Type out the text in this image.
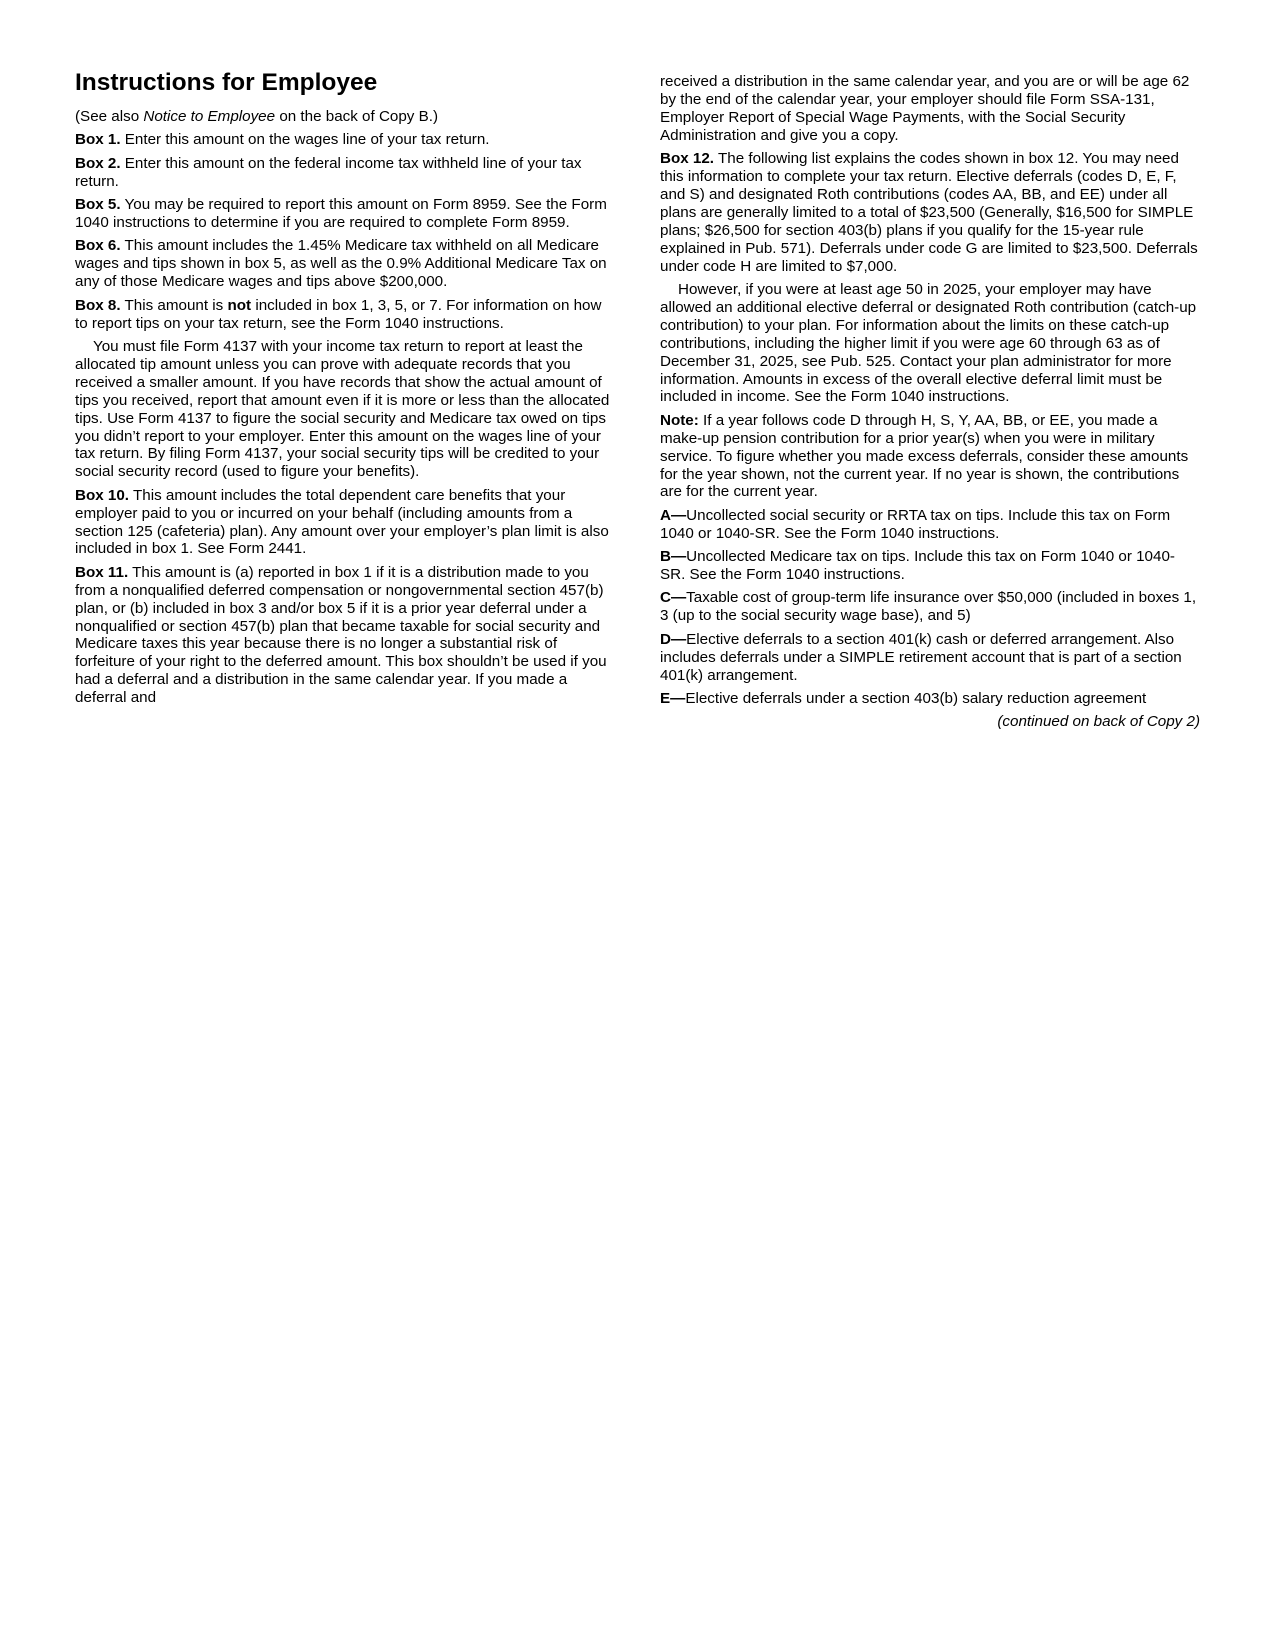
Instructions for Employee

(See also Notice to Employee on the back of Copy B.)

Box 1. Enter this amount on the wages line of your tax return.

Box 2. Enter this amount on the federal income tax withheld line of your tax return.

Box 5. You may be required to report this amount on Form 8959. See the Form 1040 instructions to determine if you are required to complete Form 8959.

Box 6. This amount includes the 1.45% Medicare tax withheld on all Medicare wages and tips shown in box 5, as well as the 0.9% Additional Medicare Tax on any of those Medicare wages and tips above $200,000.

Box 8. This amount is not included in box 1, 3, 5, or 7. For information on how to report tips on your tax return, see the Form 1040 instructions.

You must file Form 4137 with your income tax return to report at least the allocated tip amount unless you can prove with adequate records that you received a smaller amount. If you have records that show the actual amount of tips you received, report that amount even if it is more or less than the allocated tips. Use Form 4137 to figure the social security and Medicare tax owed on tips you didn’t report to your employer. Enter this amount on the wages line of your tax return. By filing Form 4137, your social security tips will be credited to your social security record (used to figure your benefits).

Box 10. This amount includes the total dependent care benefits that your employer paid to you or incurred on your behalf (including amounts from a section 125 (cafeteria) plan). Any amount over your employer’s plan limit is also included in box 1. See Form 2441.

Box 11. This amount is (a) reported in box 1 if it is a distribution made to you from a nonqualified deferred compensation or nongovernmental section 457(b) plan, or (b) included in box 3 and/or box 5 if it is a prior year deferral under a nonqualified or section 457(b) plan that became taxable for social security and Medicare taxes this year because there is no longer a substantial risk of forfeiture of your right to the deferred amount. This box shouldn’t be used if you had a deferral and a distribution in the same calendar year. If you made a deferral and

received a distribution in the same calendar year, and you are or will be age 62 by the end of the calendar year, your employer should file Form SSA-131, Employer Report of Special Wage Payments, with the Social Security Administration and give you a copy.

Box 12. The following list explains the codes shown in box 12. You may need this information to complete your tax return. Elective deferrals (codes D, E, F, and S) and designated Roth contributions (codes AA, BB, and EE) under all plans are generally limited to a total of $23,500 (Generally, $16,500 for SIMPLE plans; $26,500 for section 403(b) plans if you qualify for the 15-year rule explained in Pub. 571). Deferrals under code G are limited to $23,500. Deferrals under code H are limited to $7,000.

However, if you were at least age 50 in 2025, your employer may have allowed an additional elective deferral or designated Roth contribution (catch-up contribution) to your plan. For information about the limits on these catch-up contributions, including the higher limit if you were age 60 through 63 as of December 31, 2025, see Pub. 525. Contact your plan administrator for more information. Amounts in excess of the overall elective deferral limit must be included in income. See the Form 1040 instructions.

Note: If a year follows code D through H, S, Y, AA, BB, or EE, you made a make-up pension contribution for a prior year(s) when you were in military service. To figure whether you made excess deferrals, consider these amounts for the year shown, not the current year. If no year is shown, the contributions are for the current year.

A—Uncollected social security or RRTA tax on tips. Include this tax on Form 1040 or 1040-SR. See the Form 1040 instructions.

B—Uncollected Medicare tax on tips. Include this tax on Form 1040 or 1040-SR. See the Form 1040 instructions.

C—Taxable cost of group-term life insurance over $50,000 (included in boxes 1, 3 (up to the social security wage base), and 5)

D—Elective deferrals to a section 401(k) cash or deferred arrangement. Also includes deferrals under a SIMPLE retirement account that is part of a section 401(k) arrangement.

E—Elective deferrals under a section 403(b) salary reduction agreement

(continued on back of Copy 2)
